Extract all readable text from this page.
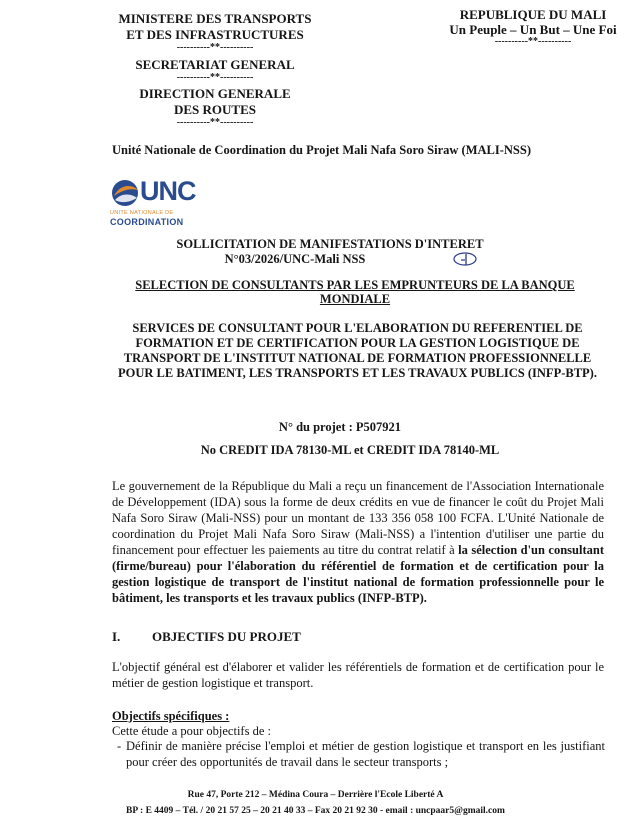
MINISTERE DES TRANSPORTS
ET DES INFRASTRUCTURES
----------**----------
SECRETARIAT GENERAL
----------**----------
DIRECTION GENERALE
DES ROUTES
----------**----------
REPUBLIQUE DU MALI
Un Peuple – Un But – Une Foi
----------**----------
Unité Nationale de Coordination du Projet Mali Nafa Soro Siraw (MALI-NSS)
UNC
UNITE NATIONALE DE
COORDINATION
SOLLICITATION DE MANIFESTATIONS D'INTERET
N°03/2026/UNC-Mali NSS
SELECTION DE CONSULTANTS PAR LES EMPRUNTEURS DE LA BANQUE MONDIALE
SERVICES DE CONSULTANT POUR L'ELABORATION DU REFERENTIEL DE FORMATION ET DE CERTIFICATION POUR LA GESTION LOGISTIQUE DE TRANSPORT DE L'INSTITUT NATIONAL DE FORMATION PROFESSIONNELLE POUR LE BATIMENT, LES TRANSPORTS ET LES TRAVAUX PUBLICS (INFP-BTP).
N° du projet : P507921
No CREDIT IDA 78130-ML et CREDIT IDA 78140-ML
Le gouvernement de la République du Mali a reçu un financement de l'Association Internationale de Développement (IDA) sous la forme de deux crédits en vue de financer le coût du Projet Mali Nafa Soro Siraw (Mali-NSS) pour un montant de 133 356 058 100 FCFA. L'Unité Nationale de coordination du Projet Mali Nafa Soro Siraw (Mali-NSS) a l'intention d'utiliser une partie du financement pour effectuer les paiements au titre du contrat relatif à la sélection d'un consultant (firme/bureau) pour l'élaboration du référentiel de formation et de certification pour la gestion logistique de transport de l'institut national de formation professionnelle pour le bâtiment, les transports et les travaux publics (INFP-BTP).
I. OBJECTIFS DU PROJET
L'objectif général est d'élaborer et valider les référentiels de formation et de certification pour le métier de gestion logistique et transport.
Objectifs spécifiques :
Cette étude a pour objectifs de :
- Définir de manière précise l'emploi et métier de gestion logistique et transport en les justifiant pour créer des opportunités de travail dans le secteur transports ;
Rue 47, Porte 212 – Médina Coura – Derrière l'Ecole Liberté A
BP : E 4409 – Tél. / 20 21 57 25 – 20 21 40 33 – Fax 20 21 92 30 - email : uncpaar5@gmail.com
